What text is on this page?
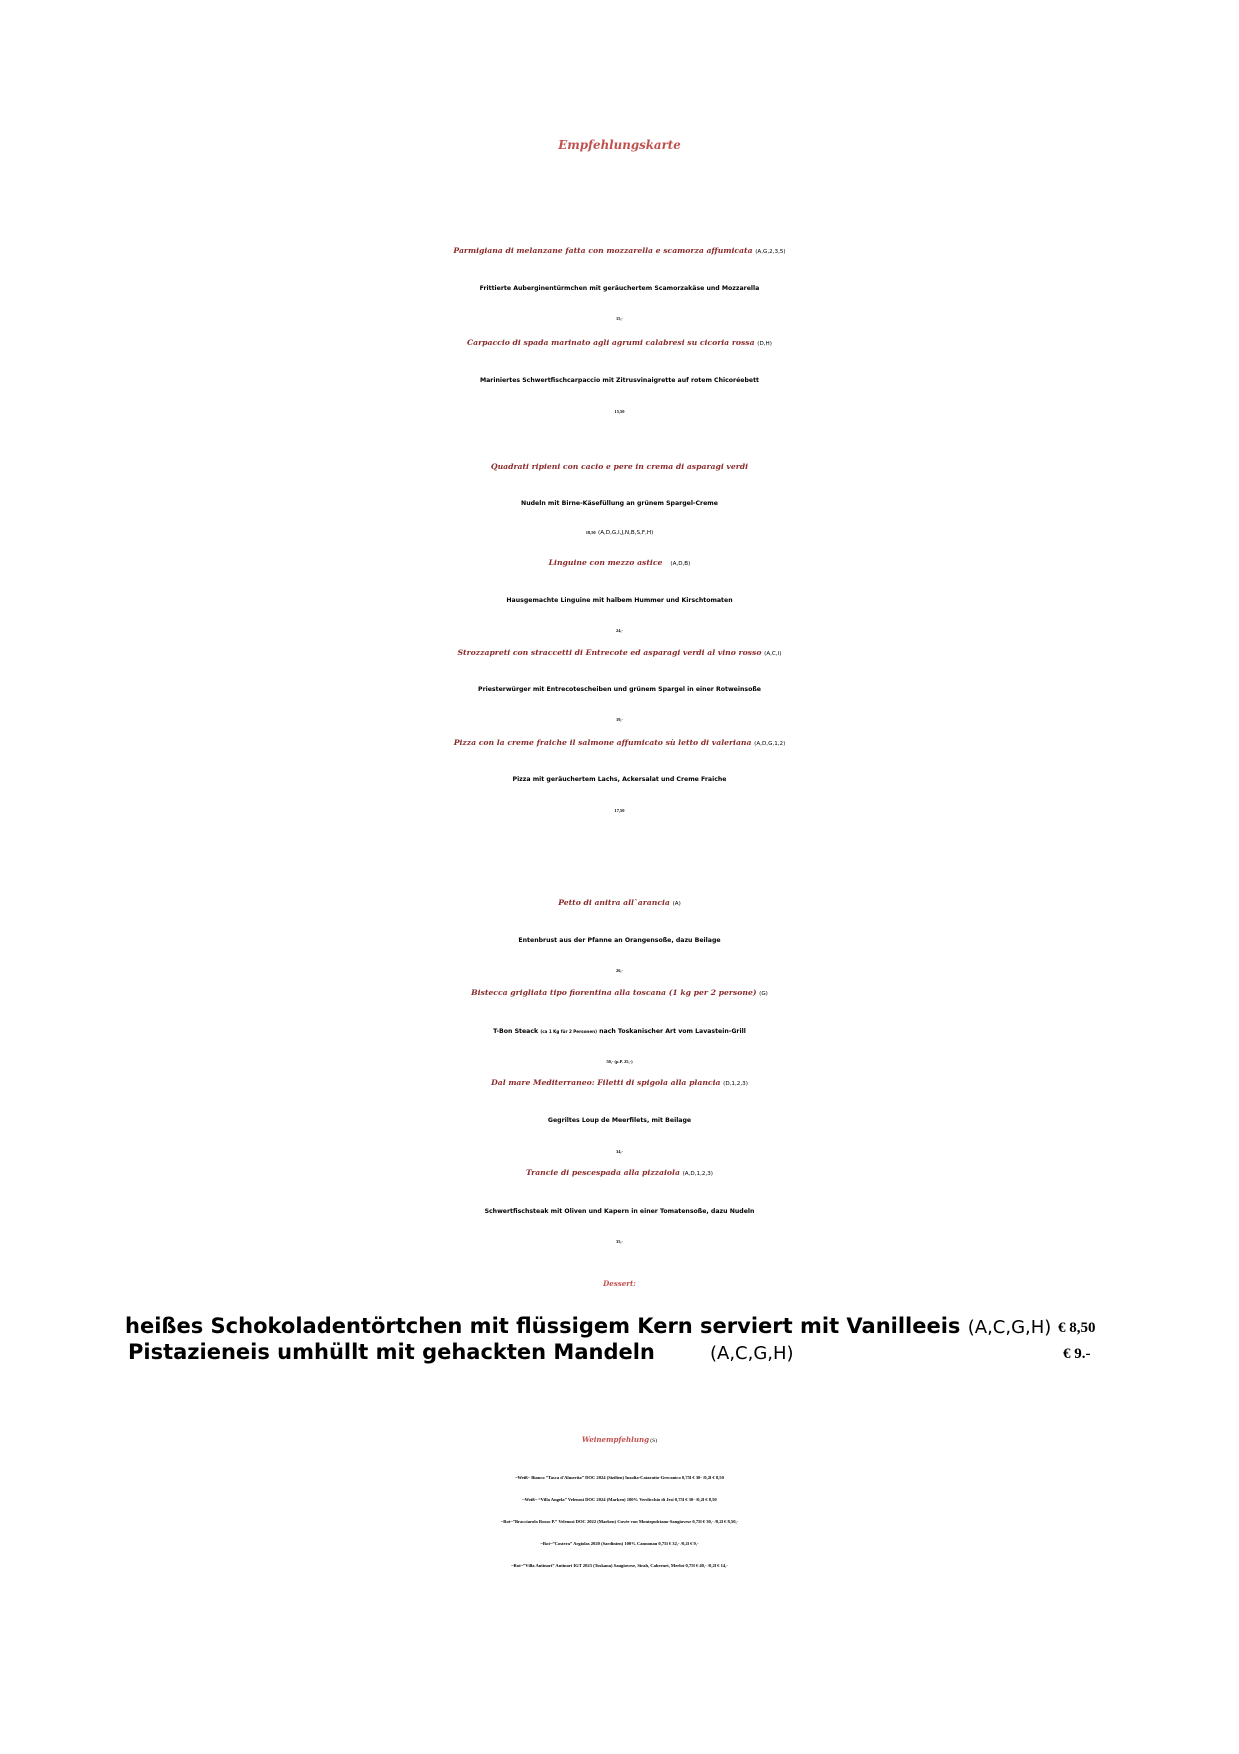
Empfehlungskarte
Parmigiana di melanzane fatta con mozzarella e scamorza affumicata (A,G,2,3,5)
Frittierte Auberginentürmchen mit geräuchertem Scamorzakäse und Mozzarella
15,-
Carpaccio di spada marinato agli agrumi calabresi su cicoria rossa (D,H)
Mariniertes Schwertfischcarpaccio mit Zitrusvinaigrette auf rotem Chicoréebett
15,50
Quadrati ripieni con cacio e pere in crema di asparagi verdi
Nudeln mit Birne-Käsefüllung an grünem Spargel-Creme
18,50 (A,D,G,I,J,N,B,S,F,H)
Linguine con mezzo astice (A,D,B)
Hausgemachte Linguine mit halbem Hummer und Kirschtomaten
24,-
Strozzapreti con straccetti di Entrecote ed asparagi verdi al vino rosso (A,C,I)
Priesterwürger mit Entrecotescheiben und grünem Spargel in einer Rotweinsoße
19,-
Pizza con la creme fraiche il salmone affumicato sù letto di valeriana (A,D,G,1,2)
Pizza mit geräuchertem Lachs, Ackersalat und Creme Fraiche
17,50
Petto di anitra all`arancia (A)
Entenbrust aus der Pfanne an Orangensoße, dazu Beilage
26,-
Bistecca grigliata tipo fiorentina alla toscana (1 kg per 2 persone) (G)
T-Bon Steack (ca 1 Kg für 2 Personen) nach Toskanischer Art vom Lavastein-Grill
50,- (p.P. 25,-)
Dal mare Mediterraneo: Filetti di spigola alla plancia (D,1,2,3)
Gegriltes Loup de Meerfilets, mit Beilage
34,-
Trancie di pescespada alla pizzaiola (A,D,1,2,3)
Schwertfischsteak mit Oliven und Kapern in einer Tomatensoße, dazu Nudeln
35,-
Dessert:
heißes Schokoladentörtchen mit flüssigem Kern serviert mit Vanilleeis (A,C,G,H) € 8,50
Pistazieneis umhüllt mit gehackten Mandeln	(A,C,G,H)	€ 9.-
Weinempfehlung (S)
~Weiß~ Bianco ”Tasca d'Almerita” DOC 2024 (Sizilien) Inzolia-Cataratto-Grecanico 0,75l € 30- /0,2l € 8,50
~Weiß~ “Villa Angela” Velenosi DOC 2024 (Marken) 100% Verdicchio di Jesi 0,75l € 30- /0,2l € 8,50
~Rot~”Bracciarolo Rosso P.” Velenosi DOC 2022 (Marken) Cuvée von Montepulciano-Sangiovese 0,75l € 30,- /0,2l € 8,50,-
~Rot~”Costera” Argiolas 2020 (Sardinien) 100% Cannonau 0,75l € 32,- /0,2l € 9,-
~Rot~”Villa Antinori” Antinori IGT 2023 (Toskana) Sangiovese, Sirah, Cabernet, Merlot 0,75l € 40,- /0,2l € 14,-
